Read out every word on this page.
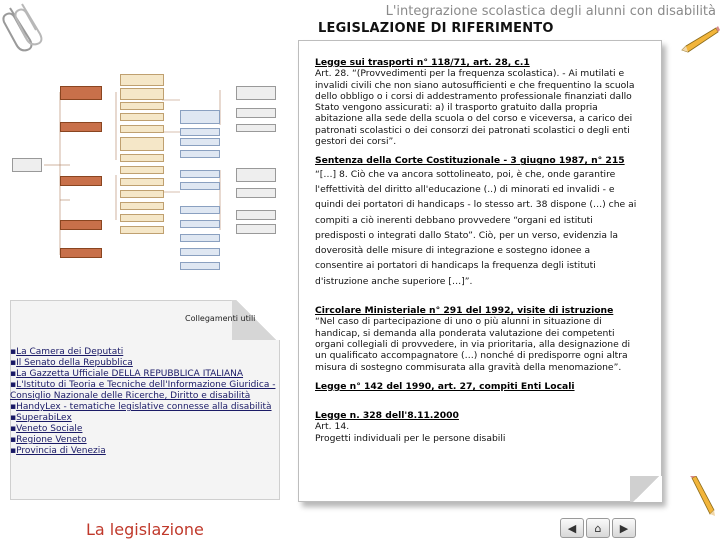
L'integrazione scolastica degli alunni con disabilità
LEGISLAZIONE DI RIFERIMENTO
Collegamenti utili
▪La Camera dei Deputati
▪Il Senato della Repubblica
▪La Gazzetta Ufficiale DELLA REPUBBLICA ITALIANA
▪L'Istituto di Teoria e Tecniche dell'Informazione Giuridica - Consiglio Nazionale delle Ricerche, Diritto e disabilità
▪HandyLex - tematiche legislative connesse alla disabilità
▪SuperabiLex
▪Veneto Sociale
▪Regione Veneto
▪Provincia di Venezia
La legislazione
Legge sui trasporti n° 118/71, art. 28, c.1
Art. 28. “(Provvedimenti per la frequenza scolastica). - Ai mutilati e invalidi civili che non siano autosufficienti e che frequentino la scuola dello obbligo o i corsi di addestramento professionale finanziati dallo Stato vengono assicurati: a) il trasporto gratuito dalla propria abitazione alla sede della scuola o del corso e viceversa, a carico dei patronati scolastici o dei consorzi dei patronati scolastici o degli enti gestori dei corsi”.
Sentenza della Corte Costituzionale - 3 giugno 1987, n° 215
“[…] 8. Ciò che va ancora sottolineato, poi, è che, onde garantire l'effettività del diritto all'educazione (..) di minorati ed invalidi - e quindi dei portatori di handicaps - lo stesso art. 38 dispone (…) che ai compiti a ciò inerenti debbano provvedere “organi ed istituti predisposti o integrati dallo Stato”. Ciò, per un verso, evidenzia la doverosità delle misure di integrazione e sostegno idonee a consentire ai portatori di handicaps la frequenza degli istituti d'istruzione anche superiore […]”.
Circolare Ministeriale n° 291 del 1992, visite di istruzione
“Nel caso di partecipazione di uno o più alunni in situazione di handicap, si demanda alla ponderata valutazione dei competenti organi collegiali di provvedere, in via prioritaria, alla designazione di un qualificato accompagnatore (…) nonché di predisporre ogni altra misura di sostegno commisurata alla gravità della menomazione”.
Legge n° 142 del 1990, art. 27, compiti Enti Locali
Legge n. 328 dell'8.11.2000
Art. 14.
Progetti individuali per le persone disabili
◀	⌂	▶
